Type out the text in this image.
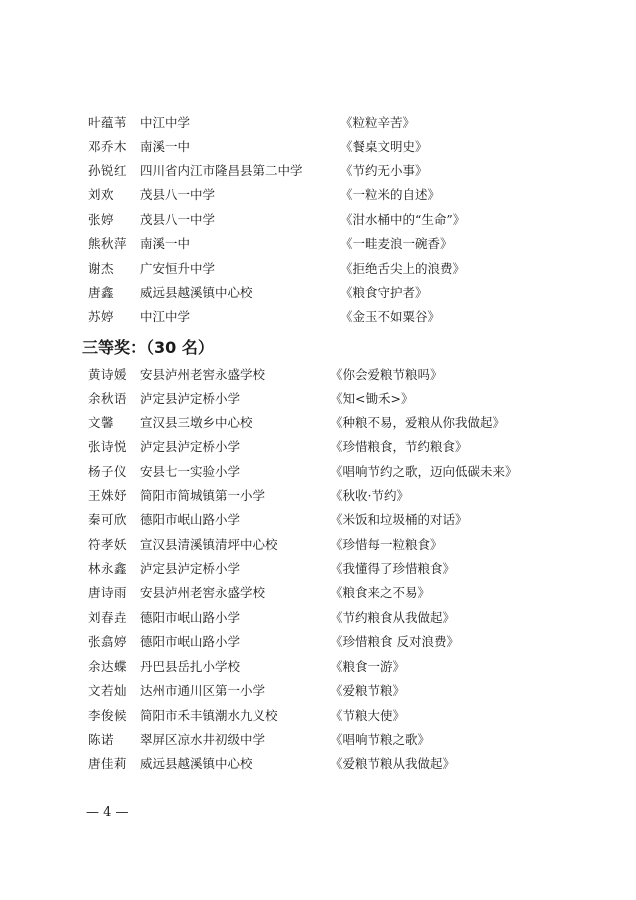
叶蕴苇 中江中学	《粒粒辛苦》
邓乔木 南溪一中	《餐桌文明史》
孙锐红 四川省内江市隆昌县第二中学	《节约无小事》
刘欢 茂县八一中学	《一粒米的自述》
张婷 茂县八一中学	《泔水桶中的“生命”》
熊秋萍 南溪一中	《一畦麦浪一碗香》
谢杰 广安恒升中学	《拒绝舌尖上的浪费》
唐鑫 威远县越溪镇中心校	《粮食守护者》
苏婷 中江中学	《金玉不如粟谷》
三等奖：（30 名）
黄诗媛 安县泸州老窖永盛学校	《你会爱粮节粮吗》
余秋语 泸定县泸定桥小学	《知<锄禾>》
文馨 宣汉县三墩乡中心校	《种粮不易，爱粮从你我做起》
张诗悦 泸定县泸定桥小学	《珍惜粮食，节约粮食》
杨子仪 安县七一实验小学	《唱响节约之歌，迈向低碳未来》
王姝妤 简阳市简城镇第一小学	《秋收·节约》
秦可欣 德阳市岷山路小学	《米饭和垃圾桶的对话》
符孝妖 宣汉县清溪镇清坪中心校	《珍惜每一粒粮食》
林永鑫 泸定县泸定桥小学	《我懂得了珍惜粮食》
唐诗雨 安县泸州老窖永盛学校	《粮食来之不易》
刘春垚 德阳市岷山路小学	《节约粮食从我做起》
张翕婷 德阳市岷山路小学	《珍惜粮食 反对浪费》
余达蝶 丹巴县岳扎小学校	《粮食一游》
文若灿 达州市通川区第一小学	《爱粮节粮》
李俊候 简阳市禾丰镇潮水九义校	《节粮大使》
陈诺 翠屏区凉水井初级中学	《唱响节粮之歌》
唐佳莉 威远县越溪镇中心校	《爱粮节粮从我做起》
— 4 —
